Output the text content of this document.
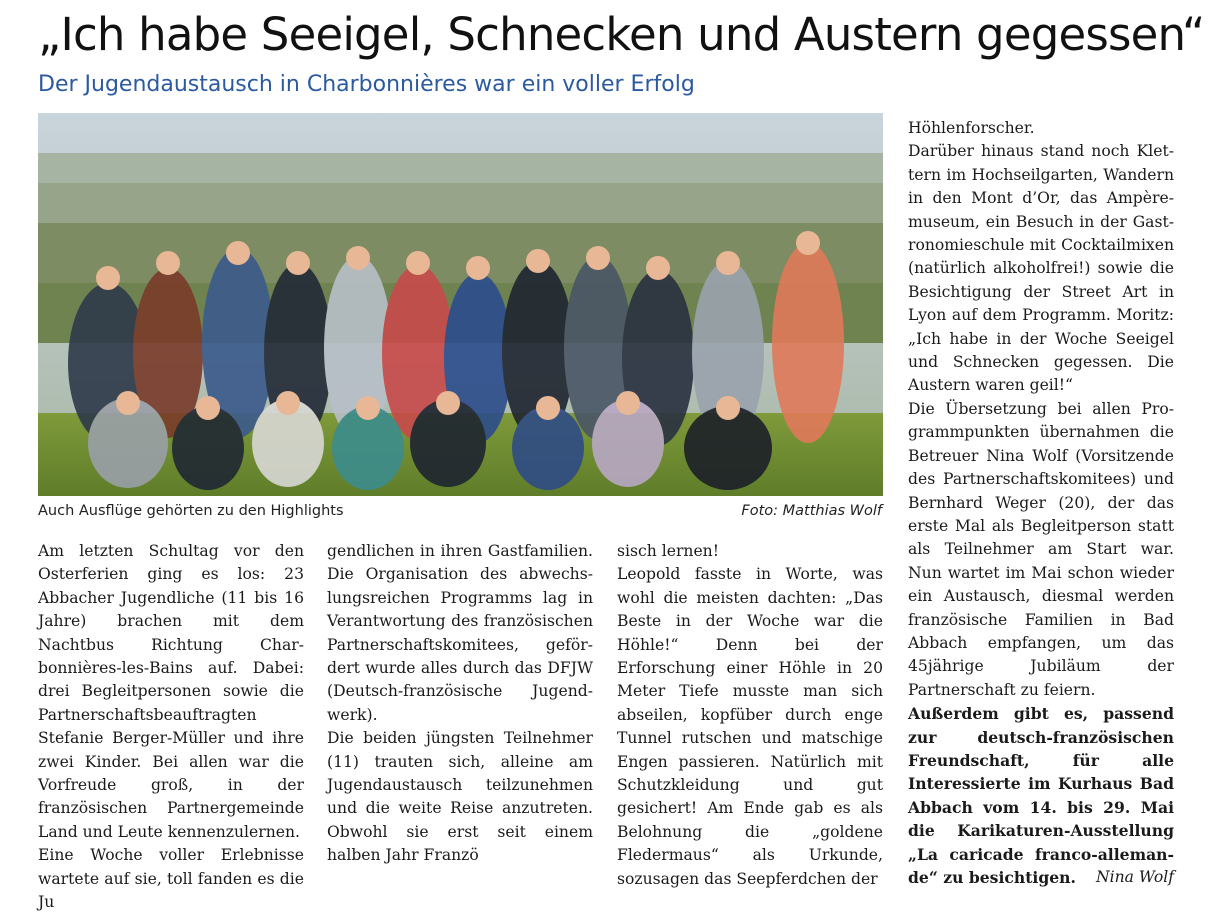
„Ich habe Seeigel, Schnecken und Austern gegessen“
Der Jugendaustausch in Charbonnières war ein voller Erfolg
Auch Ausflüge gehörten zu den Highlights	Foto: Matthias Wolf

Am letzten Schultag vor den Osterferien ging es los: 23 Abbacher Jugendliche (11 bis 16 Jahre) brachen mit dem Nachtbus Richtung Charbonnières-les-Bains auf. Dabei: drei Begleitpersonen sowie die Partnerschaftsbeauftragten Stefanie Berger-Müller und ihre zwei Kinder. Bei allen war die Vorfreude groß, in der französischen Partnergemeinde Land und Leute kennenzulernen.

Eine Woche voller Erlebnisse wartete auf sie, toll fanden es die Ju

gendlichen in ihren Gastfamilien. Die Organisation des abwechslungsreichen Programms lag in Verantwortung des französischen Partnerschaftskomitees, gefördert wurde alles durch das DFJW (Deutsch-französische Jugendwerk).

Die beiden jüngsten Teilnehmer (11) trauten sich, alleine am Jugendaustausch teilzunehmen und die weite Reise anzutreten. Obwohl sie erst seit einem halben Jahr Franzö

sisch lernen!

Leopold fasste in Worte, was wohl die meisten dachten: „Das Beste in der Woche war die Höhle!“ Denn bei der Erforschung einer Höhle in 20 Meter Tiefe musste man sich abseilen, kopfüber durch enge Tunnel rutschen und matschige Engen passieren. Natürlich mit Schutzkleidung und gut gesichert! Am Ende gab es als Belohnung die „goldene Fledermaus“ als Urkunde, sozusagen das Seepferdchen der

Höhlenforscher.

Darüber hinaus stand noch Klettern im Hochseilgarten, Wandern in den Mont d’Or, das Ampèremuseum, ein Besuch in der Gastronomieschule mit Cocktailmixen (natürlich alkoholfrei!) sowie die Besichtigung der Street Art in Lyon auf dem Programm. Moritz: „Ich habe in der Woche Seeigel und Schnecken gegessen. Die Austern waren geil!“

Die Übersetzung bei allen Programmpunkten übernahmen die Betreuer Nina Wolf (Vorsitzende des Partnerschaftskomitees) und Bernhard Weger (20), der das erste Mal als Begleitperson statt als Teilnehmer am Start war. Nun wartet im Mai schon wieder ein Austausch, diesmal werden französische Familien in Bad Abbach empfangen, um das 45jährige Jubiläum der Partnerschaft zu feiern.

Außerdem gibt es, passend zur deutsch-französischen Freundschaft, für alle Interessierte im Kurhaus Bad Abbach vom 14. bis 29. Mai die Karikaturen-Ausstellung „La caricade franco-allemande“ zu besichtigen. Nina Wolf
